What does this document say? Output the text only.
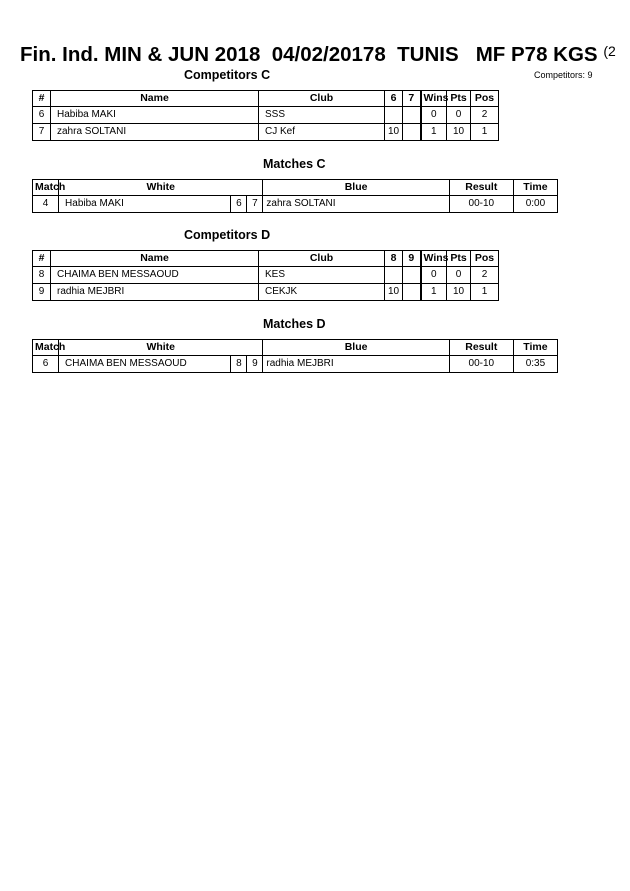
Fin. Ind. MIN & JUN 2018  04/02/20178  TUNIS   MF P78 KGS $^{(2}$
Competitors: 9
Competitors C
#	Name	Club	6	7	Wins	Pts	Pos
6	Habiba MAKI	SSS			0	0	2
7	zahra SOLTANI	CJ Kef	10		1	10	1
Matches C
Match	White			Blue	Result	Time
4	Habiba MAKI	6	7	zahra SOLTANI	00-10	0:00
Competitors D
#	Name	Club	8	9	Wins	Pts	Pos
8	CHAIMA BEN MESSAOUD	KES			0	0	2
9	radhia MEJBRI	CEKJK	10		1	10	1
Matches D
Match	White			Blue	Result	Time
6	CHAIMA BEN MESSAOUD	8	9	radhia MEJBRI	00-10	0:35
